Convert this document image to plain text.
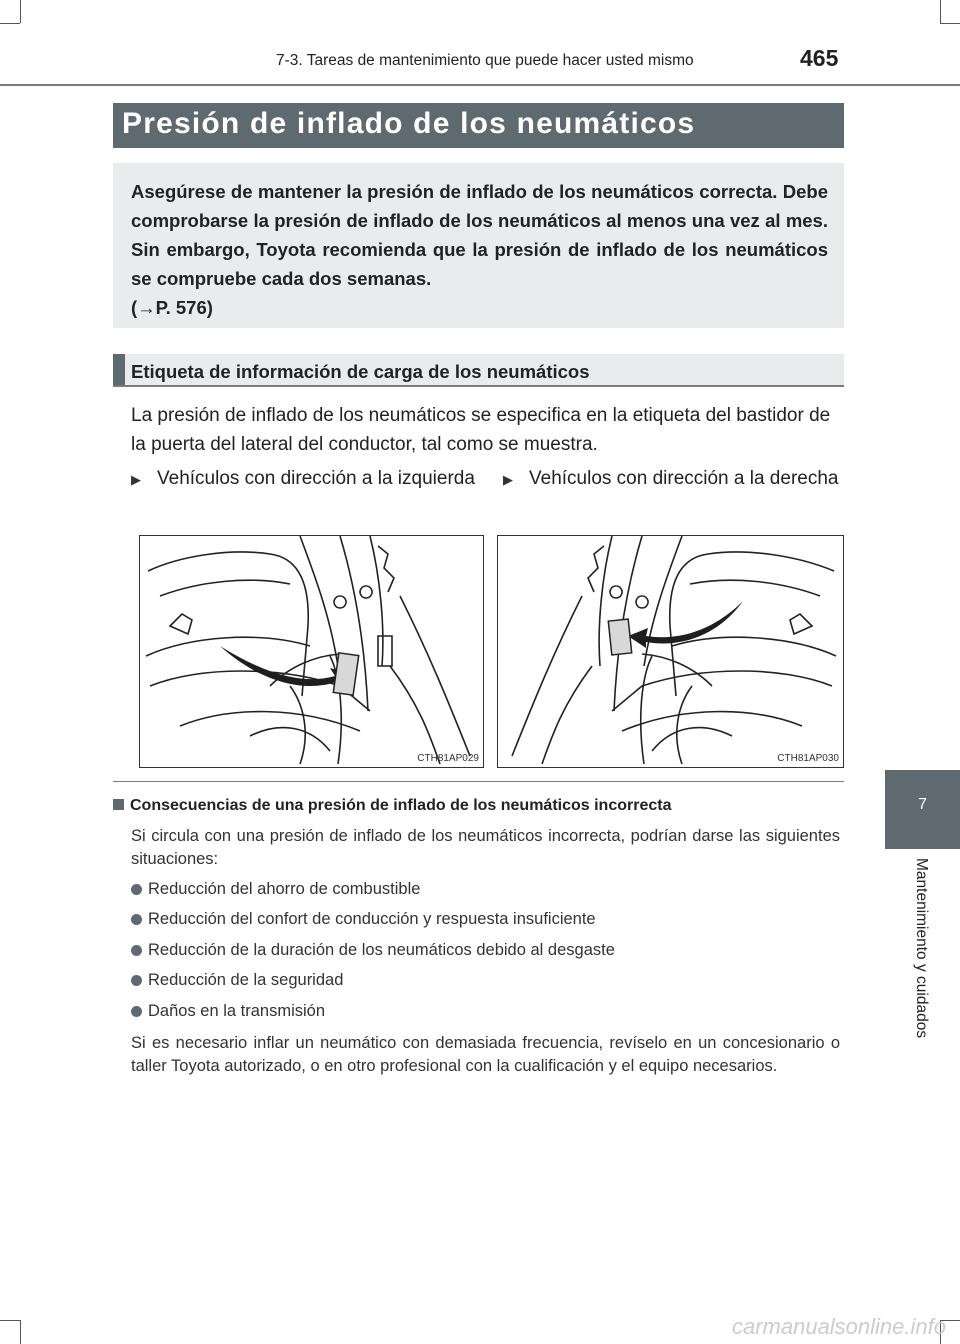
7-3. Tareas de mantenimiento que puede hacer usted mismo	465
Presión de inflado de los neumáticos
Asegúrese de mantener la presión de inflado de los neumáticos correcta. Debe comprobarse la presión de inflado de los neumáticos al menos una vez al mes. Sin embargo, Toyota recomienda que la presión de inflado de los neumáticos se compruebe cada dos semanas.
(→P. 576)
Etiqueta de información de carga de los neumáticos
La presión de inflado de los neumáticos se especifica en la etiqueta del bastidor de la puerta del lateral del conductor, tal como se muestra.
▶ Vehículos con dirección a la izquierda	▶ Vehículos con dirección a la derecha
CTH81AP029	CTH81AP030
Consecuencias de una presión de inflado de los neumáticos incorrecta
Si circula con una presión de inflado de los neumáticos incorrecta, podrían darse las siguientes situaciones:
Reducción del ahorro de combustible
Reducción del confort de conducción y respuesta insuficiente
Reducción de la duración de los neumáticos debido al desgaste
Reducción de la seguridad
Daños en la transmisión
Si es necesario inflar un neumático con demasiada frecuencia, revíselo en un concesionario o taller Toyota autorizado, o en otro profesional con la cualificación y el equipo necesarios.
7
Mantenimiento y cuidados
carmanualsonline.info
